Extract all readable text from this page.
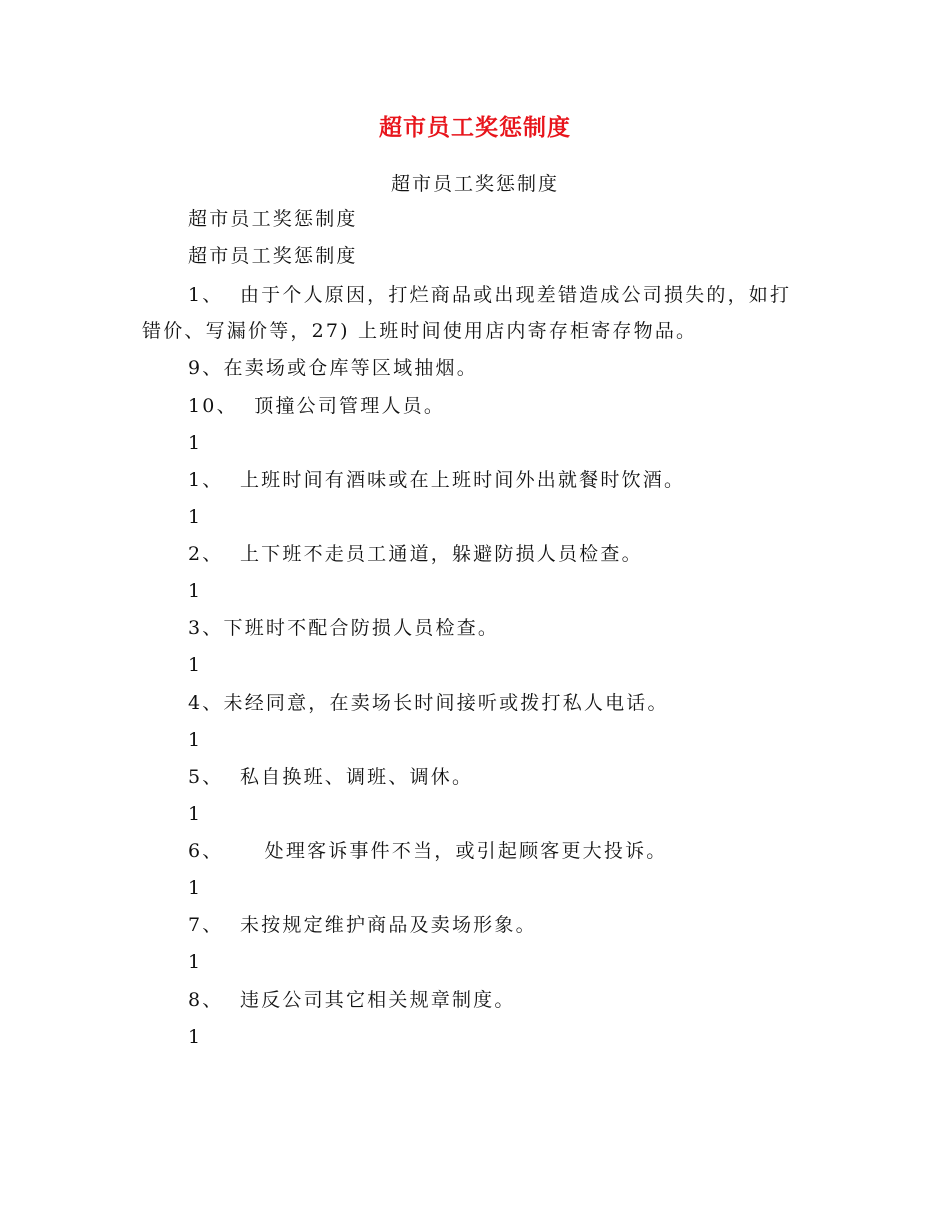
超市员工奖惩制度
超市员工奖惩制度
超市员工奖惩制度
超市员工奖惩制度
1、  由于个人原因，打烂商品或出现差错造成公司损失的，如打
错价、写漏价等，27) 上班时间使用店内寄存柜寄存物品。
9、在卖场或仓库等区域抽烟。
10、  顶撞公司管理人员。
1
1、  上班时间有酒味或在上班时间外出就餐时饮酒。
1
2、  上下班不走员工通道，躲避防损人员检查。
1
3、下班时不配合防损人员检查。
1
4、未经同意，在卖场长时间接听或拨打私人电话。
1
5、  私自换班、调班、调休。
1
6、     处理客诉事件不当，或引起顾客更大投诉。
1
7、  未按规定维护商品及卖场形象。
1
8、  违反公司其它相关规章制度。
1
